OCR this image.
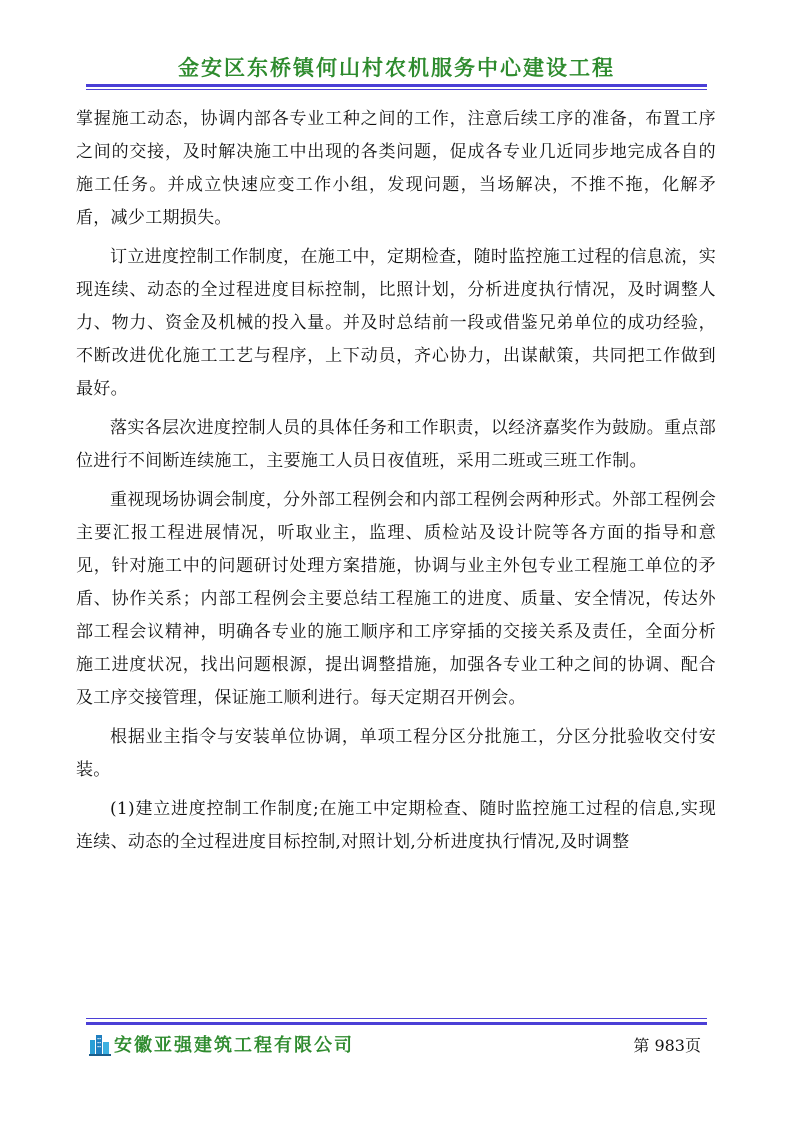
金安区东桥镇何山村农机服务中心建设工程

掌握施工动态，协调内部各专业工种之间的工作，注意后续工序的准备，布置工序之间的交接，及时解决施工中出现的各类问题，促成各专业几近同步地完成各自的施工任务。并成立快速应变工作小组，发现问题，当场解决，不推不拖，化解矛盾，减少工期损失。

订立进度控制工作制度，在施工中，定期检查，随时监控施工过程的信息流，实现连续、动态的全过程进度目标控制，比照计划，分析进度执行情况，及时调整人力、物力、资金及机械的投入量。并及时总结前一段或借鉴兄弟单位的成功经验，不断改进优化施工工艺与程序，上下动员，齐心协力，出谋献策，共同把工作做到最好。

落实各层次进度控制人员的具体任务和工作职责，以经济嘉奖作为鼓励。重点部位进行不间断连续施工，主要施工人员日夜值班，采用二班或三班工作制。

重视现场协调会制度，分外部工程例会和内部工程例会两种形式。外部工程例会主要汇报工程进展情况，听取业主，监理、质检站及设计院等各方面的指导和意见，针对施工中的问题研讨处理方案措施，协调与业主外包专业工程施工单位的矛盾、协作关系；内部工程例会主要总结工程施工的进度、质量、安全情况，传达外部工程会议精神，明确各专业的施工顺序和工序穿插的交接关系及责任，全面分析施工进度状况，找出问题根源，提出调整措施，加强各专业工种之间的协调、配合及工序交接管理，保证施工顺利进行。每天定期召开例会。

根据业主指令与安装单位协调，单项工程分区分批施工，分区分批验收交付安装。

(1)建立进度控制工作制度;在施工中定期检查、随时监控施工过程的信息,实现连续、动态的全过程进度目标控制,对照计划,分析进度执行情况,及时调整

安徽亚强建筑工程有限公司	第 983页
